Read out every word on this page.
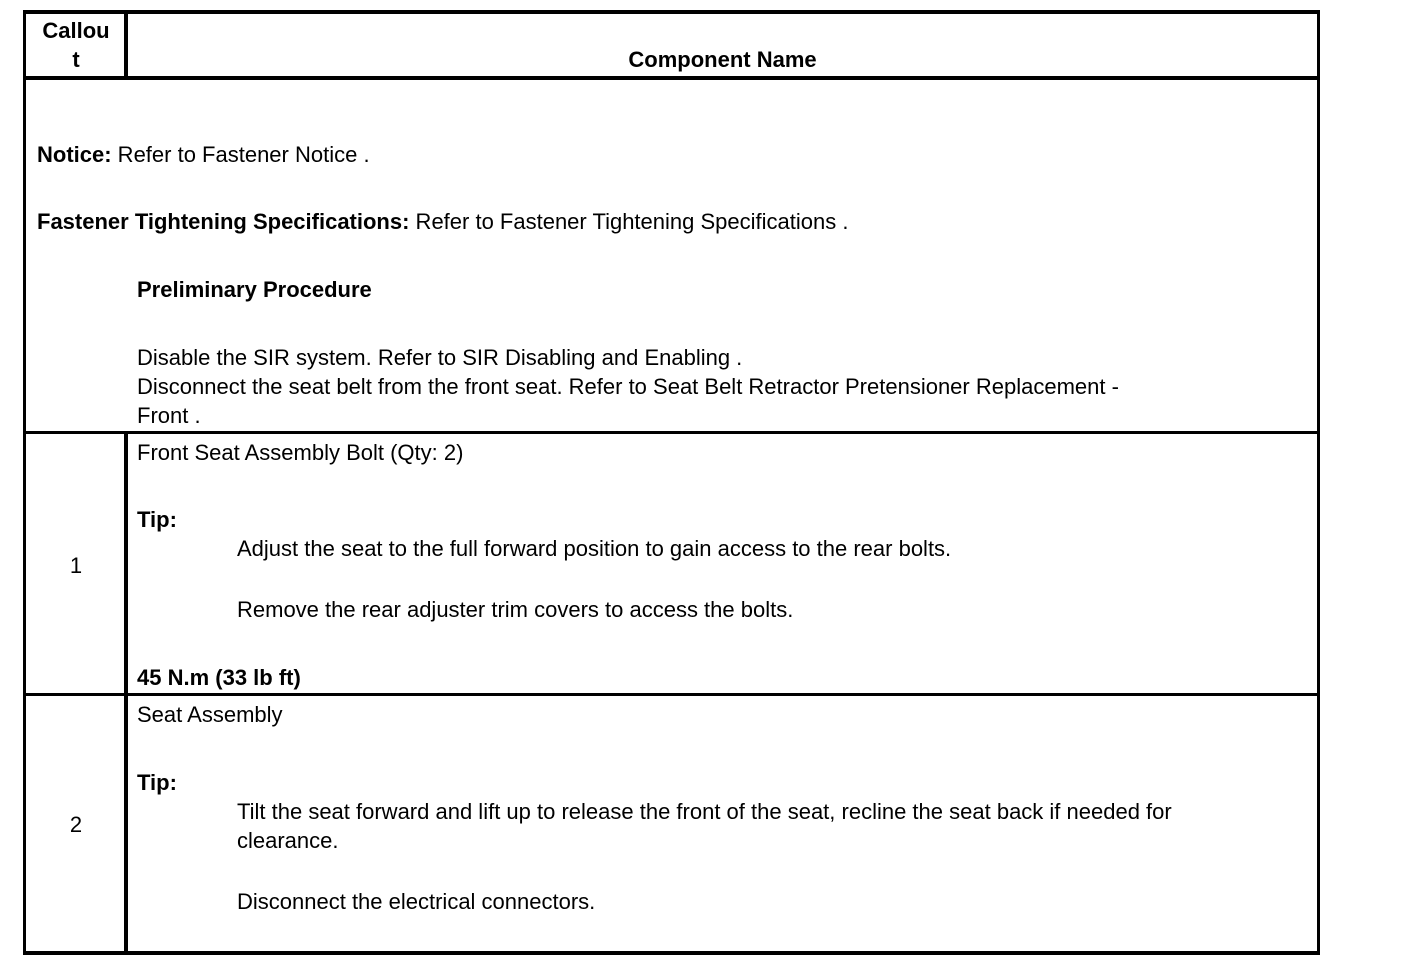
Callou
t	Component Name
Notice: Refer to Fastener Notice .
Fastener Tightening Specifications: Refer to Fastener Tightening Specifications .
Preliminary Procedure
Disable the SIR system. Refer to SIR Disabling and Enabling .
Disconnect the seat belt from the front seat. Refer to Seat Belt Retractor Pretensioner Replacement -
Front .
1
Front Seat Assembly Bolt (Qty: 2)
Tip:
Adjust the seat to the full forward position to gain access to the rear bolts.
Remove the rear adjuster trim covers to access the bolts.
45 N.m (33 lb ft)
2
Seat Assembly
Tip:
Tilt the seat forward and lift up to release the front of the seat, recline the seat back if needed for
clearance.
Disconnect the electrical connectors.
